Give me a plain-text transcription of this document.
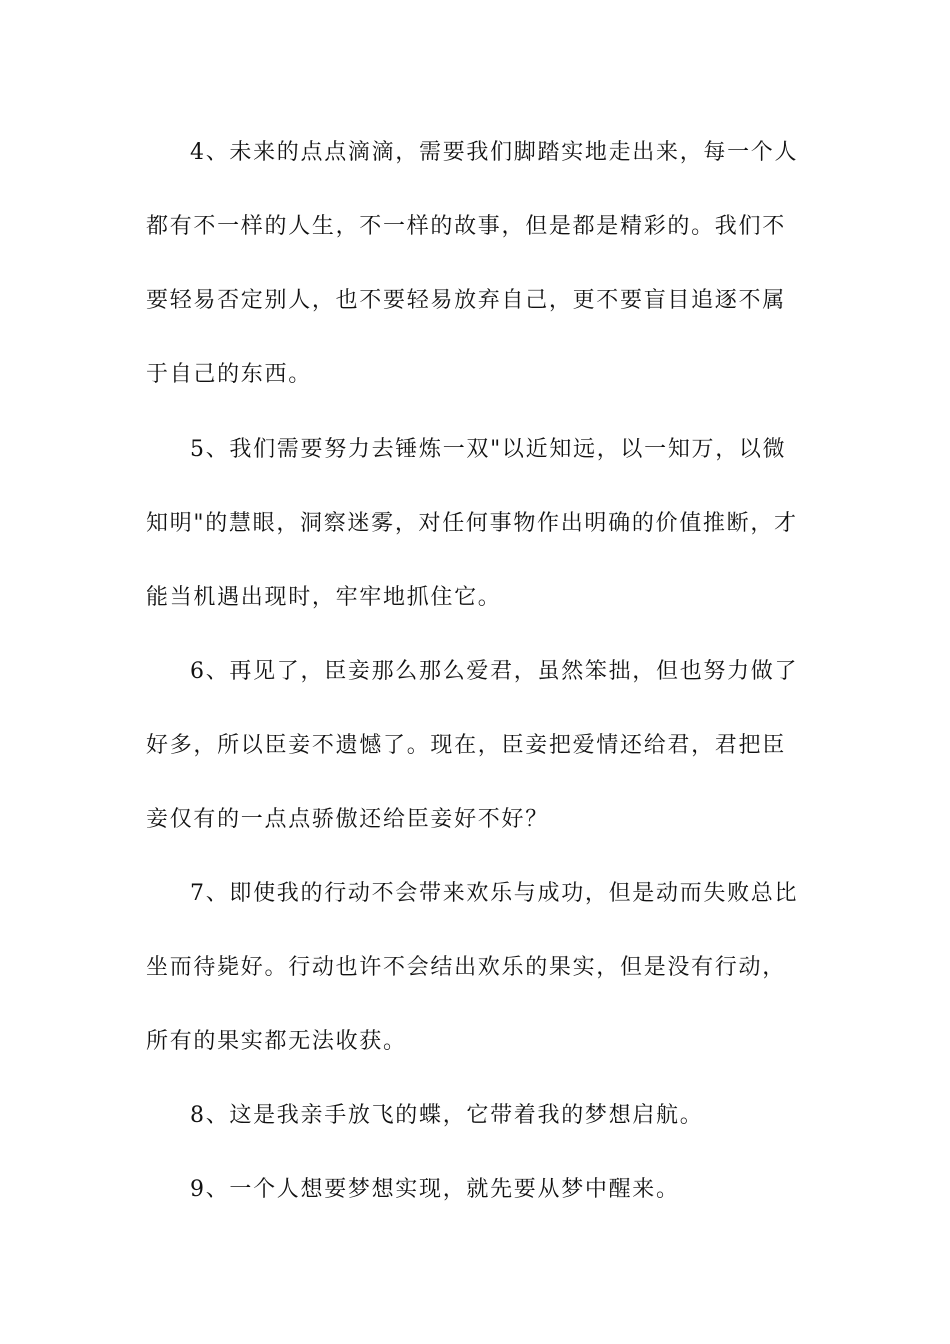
4、未来的点点滴滴，需要我们脚踏实地走出来，每一个人都有不一样的人生，不一样的故事，但是都是精彩的。我们不要轻易否定别人，也不要轻易放弃自己，更不要盲目追逐不属于自己的东西。

5、我们需要努力去锤炼一双"以近知远，以一知万，以微知明"的慧眼，洞察迷雾，对任何事物作出明确的价值推断，才能当机遇出现时，牢牢地抓住它。

6、再见了，臣妾那么那么爱君，虽然笨拙，但也努力做了好多，所以臣妾不遗憾了。现在，臣妾把爱情还给君，君把臣妾仅有的一点点骄傲还给臣妾好不好？

7、即使我的行动不会带来欢乐与成功，但是动而失败总比坐而待毙好。行动也许不会结出欢乐的果实，但是没有行动，所有的果实都无法收获。

8、这是我亲手放飞的蝶，它带着我的梦想启航。

9、一个人想要梦想实现，就先要从梦中醒来。
